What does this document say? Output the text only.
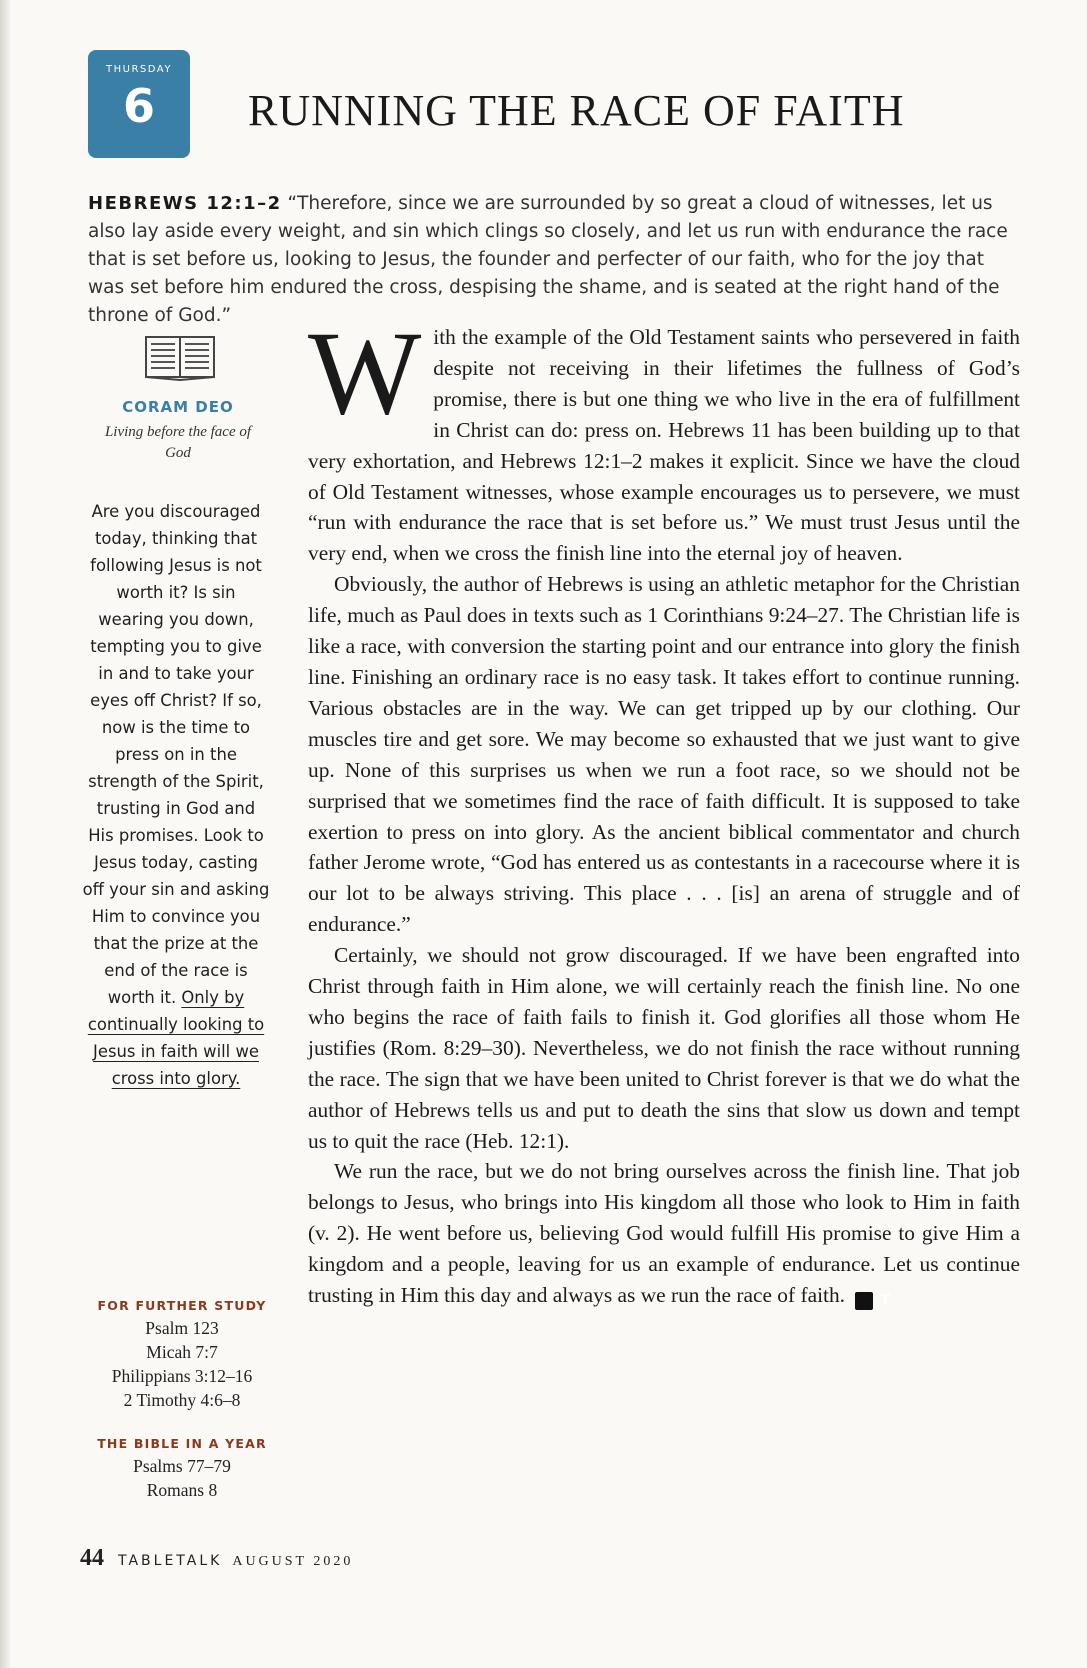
THURSDAY
6	RUNNING THE RACE OF FAITH
HEBREWS 12:1–2 “Therefore, since we are surrounded by so great a cloud of witnesses, let us also lay aside every weight, and sin which clings so closely, and let us run with endurance the race that is set before us, looking to Jesus, the founder and perfecter of our faith, who for the joy that was set before him endured the cross, despising the shame, and is seated at the right hand of the throne of God.”
CORAM DEO
Living before the face of God
Are you discouraged today, thinking that following Jesus is not worth it? Is sin wearing you down, tempting you to give in and to take your eyes off Christ? If so, now is the time to press on in the strength of the Spirit, trusting in God and His promises. Look to Jesus today, casting off your sin and asking Him to convince you that the prize at the end of the race is worth it. Only by continually looking to Jesus in faith will we cross into glory.
FOR FURTHER STUDY
Psalm 123
Micah 7:7
Philippians 3:12–16
2 Timothy 4:6–8
THE BIBLE IN A YEAR
Psalms 77–79
Romans 8

With the example of the Old Testament saints who persevered in faith despite not receiving in their lifetimes the fullness of God’s promise, there is but one thing we who live in the era of fulfillment in Christ can do: press on. Hebrews 11 has been building up to that very exhortation, and Hebrews 12:1–2 makes it explicit. Since we have the cloud of Old Testament witnesses, whose example encourages us to persevere, we must “run with endurance the race that is set before us.” We must trust Jesus until the very end, when we cross the finish line into the eternal joy of heaven.

Obviously, the author of Hebrews is using an athletic metaphor for the Christian life, much as Paul does in texts such as 1 Corinthians 9:24–27. The Christian life is like a race, with conversion the starting point and our entrance into glory the finish line. Finishing an ordinary race is no easy task. It takes effort to continue running. Various obstacles are in the way. We can get tripped up by our clothing. Our muscles tire and get sore. We may become so exhausted that we just want to give up. None of this surprises us when we run a foot race, so we should not be surprised that we sometimes find the race of faith difficult. It is supposed to take exertion to press on into glory. As the ancient biblical commentator and church father Jerome wrote, “God has entered us as contestants in a racecourse where it is our lot to be always striving. This place . . . [is] an arena of struggle and of endurance.”

Certainly, we should not grow discouraged. If we have been engrafted into Christ through faith in Him alone, we will certainly reach the finish line. No one who begins the race of faith fails to finish it. God glorifies all those whom He justifies (Rom. 8:29–30). Nevertheless, we do not finish the race without running the race. The sign that we have been united to Christ forever is that we do what the author of Hebrews tells us and put to death the sins that slow us down and tempt us to quit the race (Heb. 12:1).

We run the race, but we do not bring ourselves across the finish line. That job belongs to Jesus, who brings into His kingdom all those who look to Him in faith (v. 2). He went before us, believing God would fulfill His promise to give Him a kingdom and a people, leaving for us an example of endurance. Let us continue trusting in Him this day and always as we run the race of faith.	T

44 TABLETALK AUGUST 2020
